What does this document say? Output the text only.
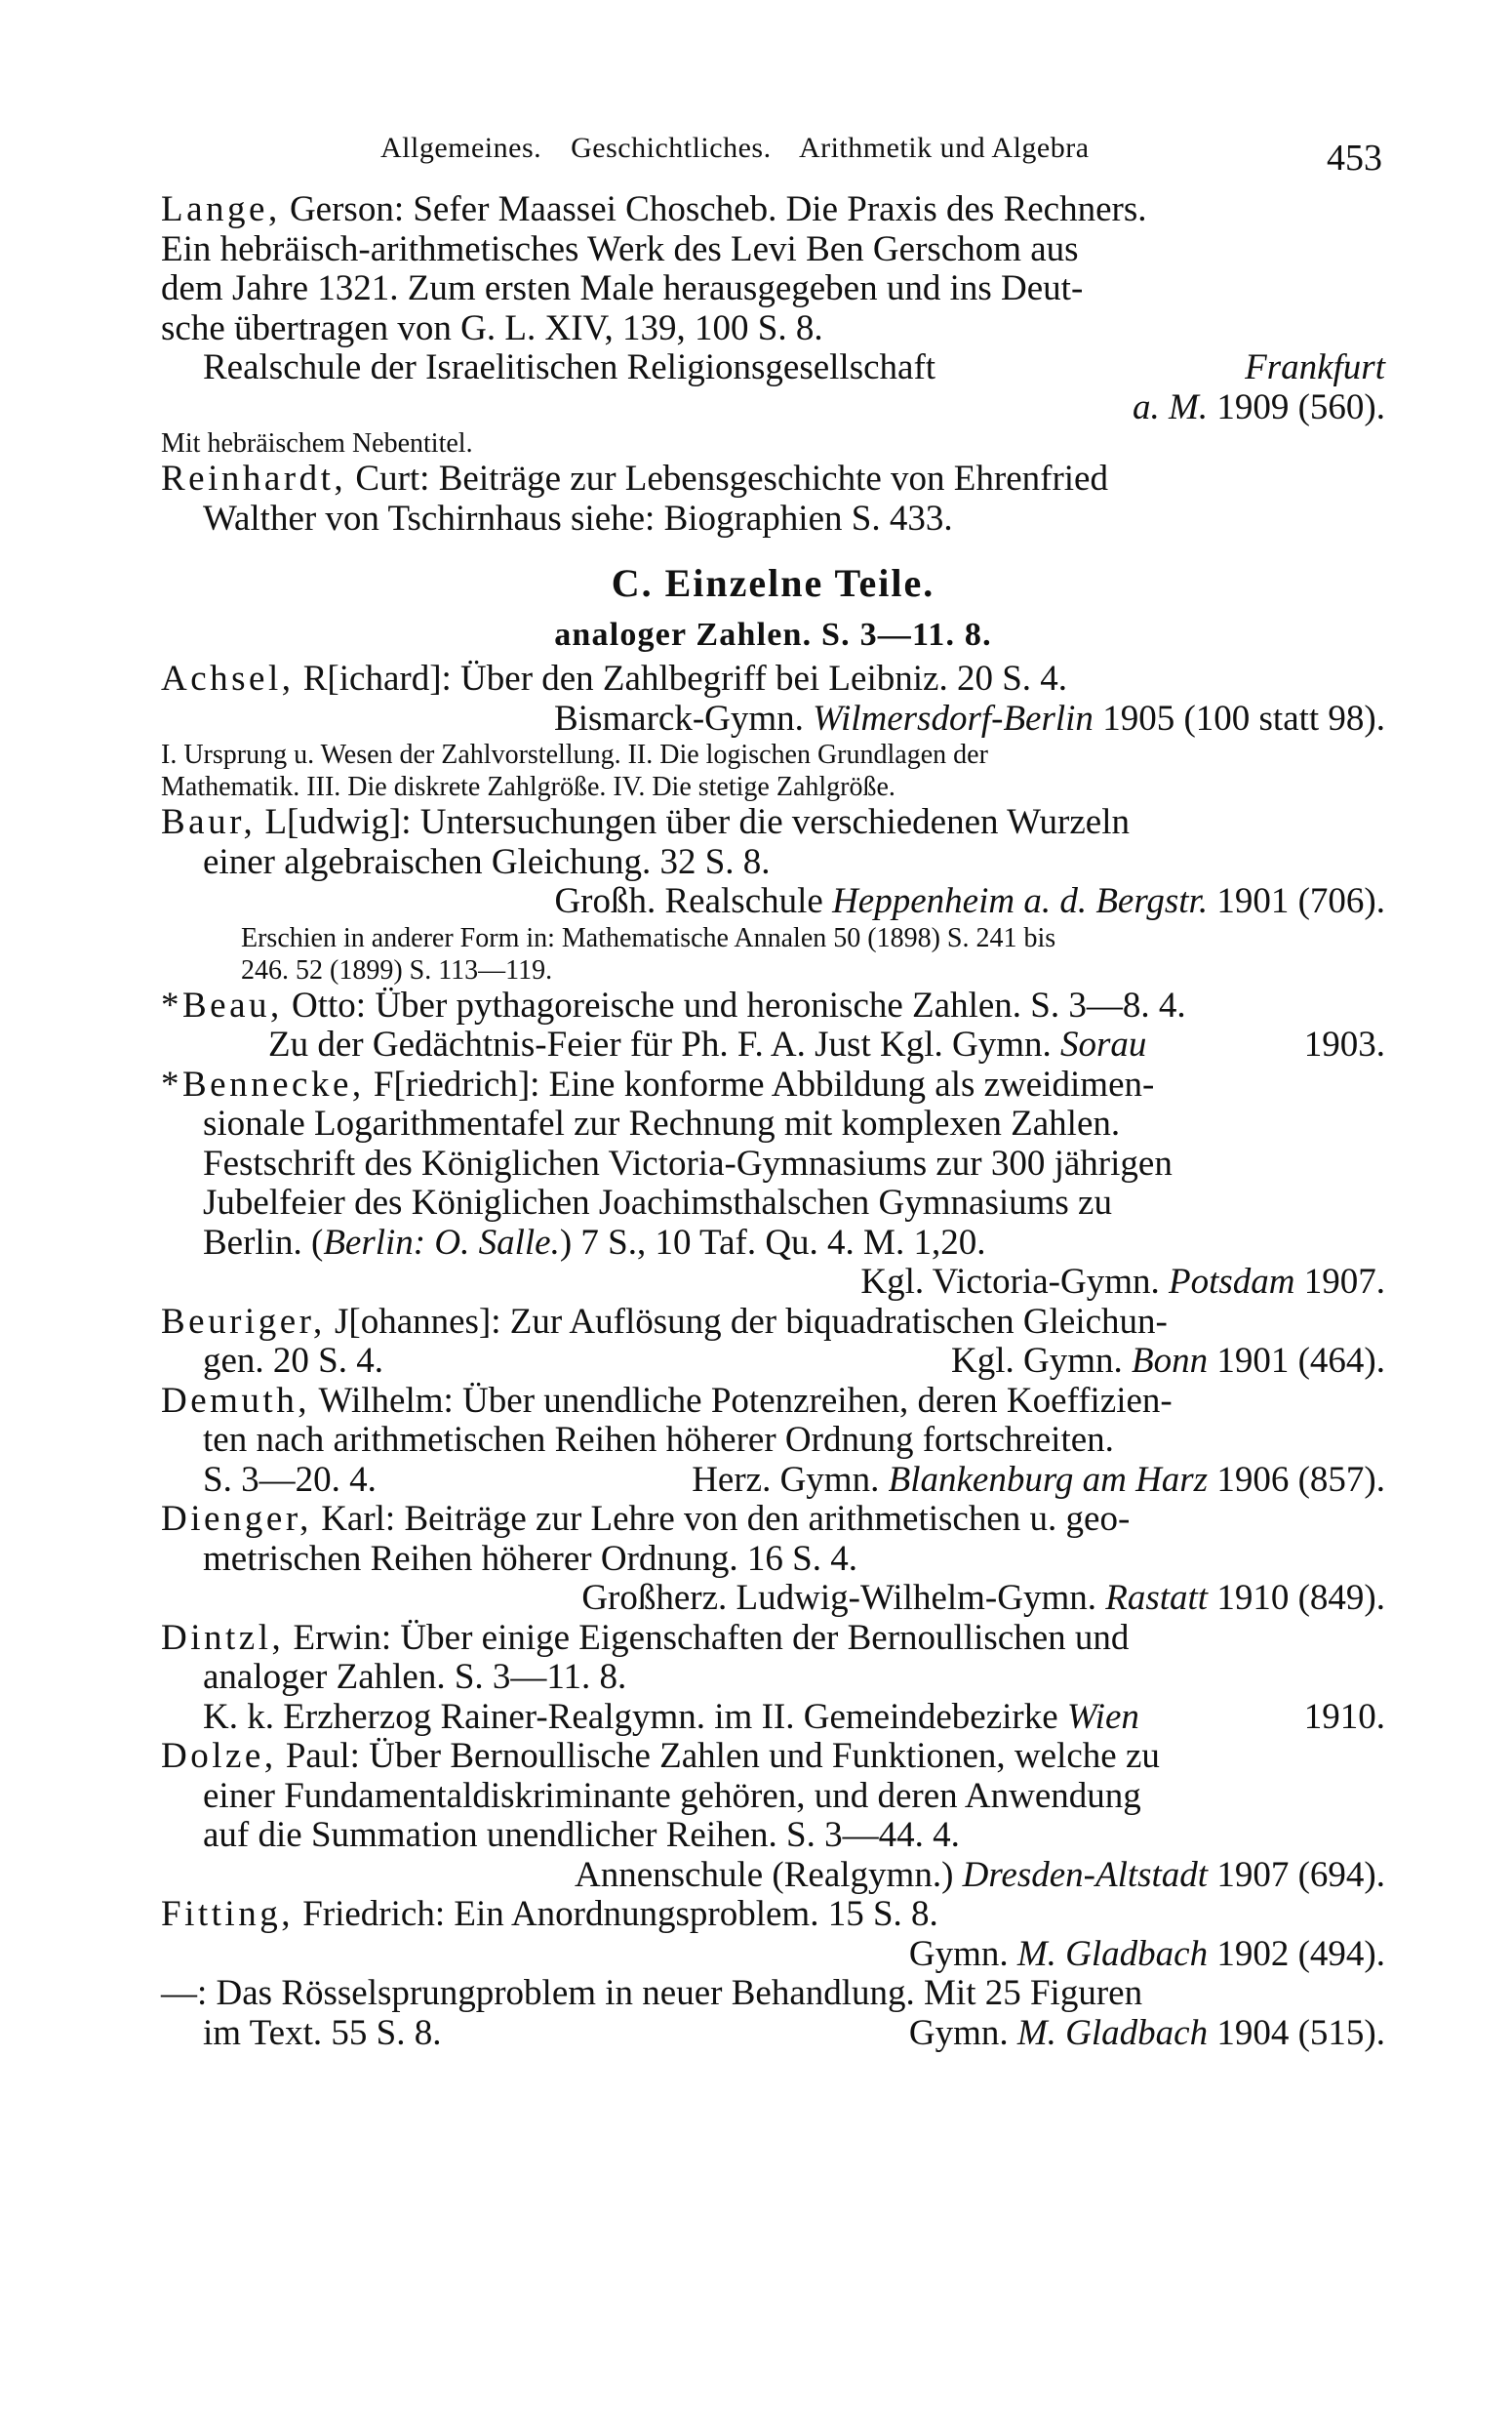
Allgemeines. Geschichtliches. Arithmetik und Algebra	453
Lange, Gerson: Sefer Maassei Choscheb. Die Praxis des Rechners.
Ein hebräisch-arithmetisches Werk des Levi Ben Gerschom aus
dem Jahre 1321. Zum ersten Male herausgegeben und ins Deut-
sche übertragen von G. L. XIV, 139, 100 S. 8.
Realschule der Israelitischen Religionsgesellschaft	Frankfurt
a. M. 1909 (560).
Mit hebräischem Nebentitel.
Reinhardt, Curt: Beiträge zur Lebensgeschichte von Ehrenfried
Walther von Tschirnhaus siehe: Biographien S. 433.
C. Einzelne Teile.
analoger Zahlen. S. 3—11. 8.
Achsel, R[ichard]: Über den Zahlbegriff bei Leibniz. 20 S. 4.
Bismarck-Gymn. Wilmersdorf-Berlin 1905 (100 statt 98).
I. Ursprung u. Wesen der Zahlvorstellung. II. Die logischen Grundlagen der
Mathematik. III. Die diskrete Zahlgröße. IV. Die stetige Zahlgröße.
Baur, L[udwig]: Untersuchungen über die verschiedenen Wurzeln
einer algebraischen Gleichung. 32 S. 8.
Großh. Realschule Heppenheim a. d. Bergstr. 1901 (706).
Erschien in anderer Form in: Mathematische Annalen 50 (1898) S. 241 bis
246. 52 (1899) S. 113—119.
*Beau, Otto: Über pythagoreische und heronische Zahlen. S. 3—8. 4.
Zu der Gedächtnis-Feier für Ph. F. A. Just Kgl. Gymn. Sorau	1903.
*Bennecke, F[riedrich]: Eine konforme Abbildung als zweidimen-
sionale Logarithmentafel zur Rechnung mit komplexen Zahlen.
Festschrift des Königlichen Victoria-Gymnasiums zur 300 jährigen
Jubelfeier des Königlichen Joachimsthalschen Gymnasiums zu
Berlin. (Berlin: O. Salle.) 7 S., 10 Taf. Qu. 4. M. 1,20.
Kgl. Victoria-Gymn. Potsdam 1907.
Beuriger, J[ohannes]: Zur Auflösung der biquadratischen Gleichun-
gen. 20 S. 4.	Kgl. Gymn. Bonn 1901 (464).
Demuth, Wilhelm: Über unendliche Potenzreihen, deren Koeffizien-
ten nach arithmetischen Reihen höherer Ordnung fortschreiten.
S. 3—20. 4.	Herz. Gymn. Blankenburg am Harz 1906 (857).
Dienger, Karl: Beiträge zur Lehre von den arithmetischen u. geo-
metrischen Reihen höherer Ordnung. 16 S. 4.
Großherz. Ludwig-Wilhelm-Gymn. Rastatt 1910 (849).
Dintzl, Erwin: Über einige Eigenschaften der Bernoullischen und
analoger Zahlen. S. 3—11. 8.
K. k. Erzherzog Rainer-Realgymn. im II. Gemeindebezirke Wien	1910.
Dolze, Paul: Über Bernoullische Zahlen und Funktionen, welche zu
einer Fundamentaldiskriminante gehören, und deren Anwendung
auf die Summation unendlicher Reihen. S. 3—44. 4.
Annenschule (Realgymn.) Dresden-Altstadt 1907 (694).
Fitting, Friedrich: Ein Anordnungsproblem. 15 S. 8.
Gymn. M. Gladbach 1902 (494).
—: Das Rösselsprungproblem in neuer Behandlung. Mit 25 Figuren
im Text. 55 S. 8.	Gymn. M. Gladbach 1904 (515).
